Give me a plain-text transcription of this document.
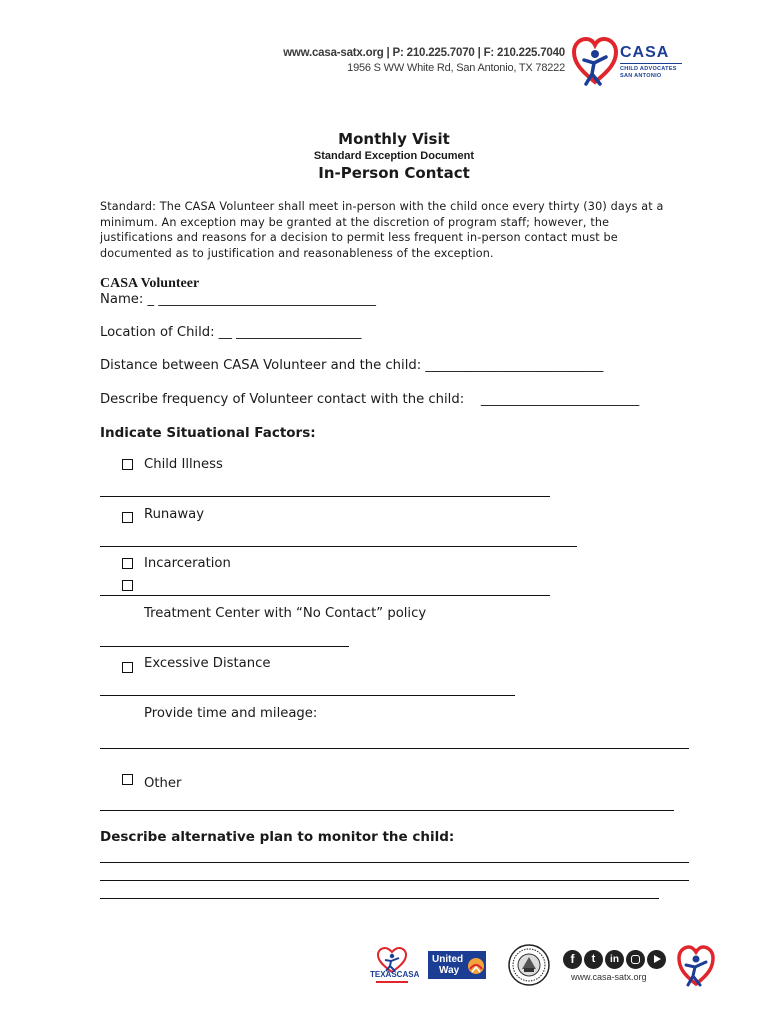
www.casa-satx.org | P: 210.225.7070 | F: 210.225.7040
1956 S WW White Rd, San Antonio, TX 78222
CASA
CHILD ADVOCATES
SAN ANTONIO
Monthly Visit
Standard Exception Document
In-Person Contact
Standard: The CASA Volunteer shall meet in-person with the child once every thirty (30) days at a minimum. An exception may be granted at the discretion of program staff; however, the justifications and reasons for a decision to permit less frequent in-person contact must be documented as to justification and reasonableness of the exception.
CASA Volunteer
Name: _ _________________________________
Location of Child: __ ___________________
Distance between CASA Volunteer and the child: ___________________________
Describe frequency of Volunteer contact with the child:    ________________________
Indicate Situational Factors:
Child Illness
Runaway
Incarceration
Treatment Center with “No Contact” policy
Excessive Distance
Provide time and mileage:
Other
Describe alternative plan to monitor the child:
TEXASCASA
United
Way
f	t	in
www.casa-satx.org
